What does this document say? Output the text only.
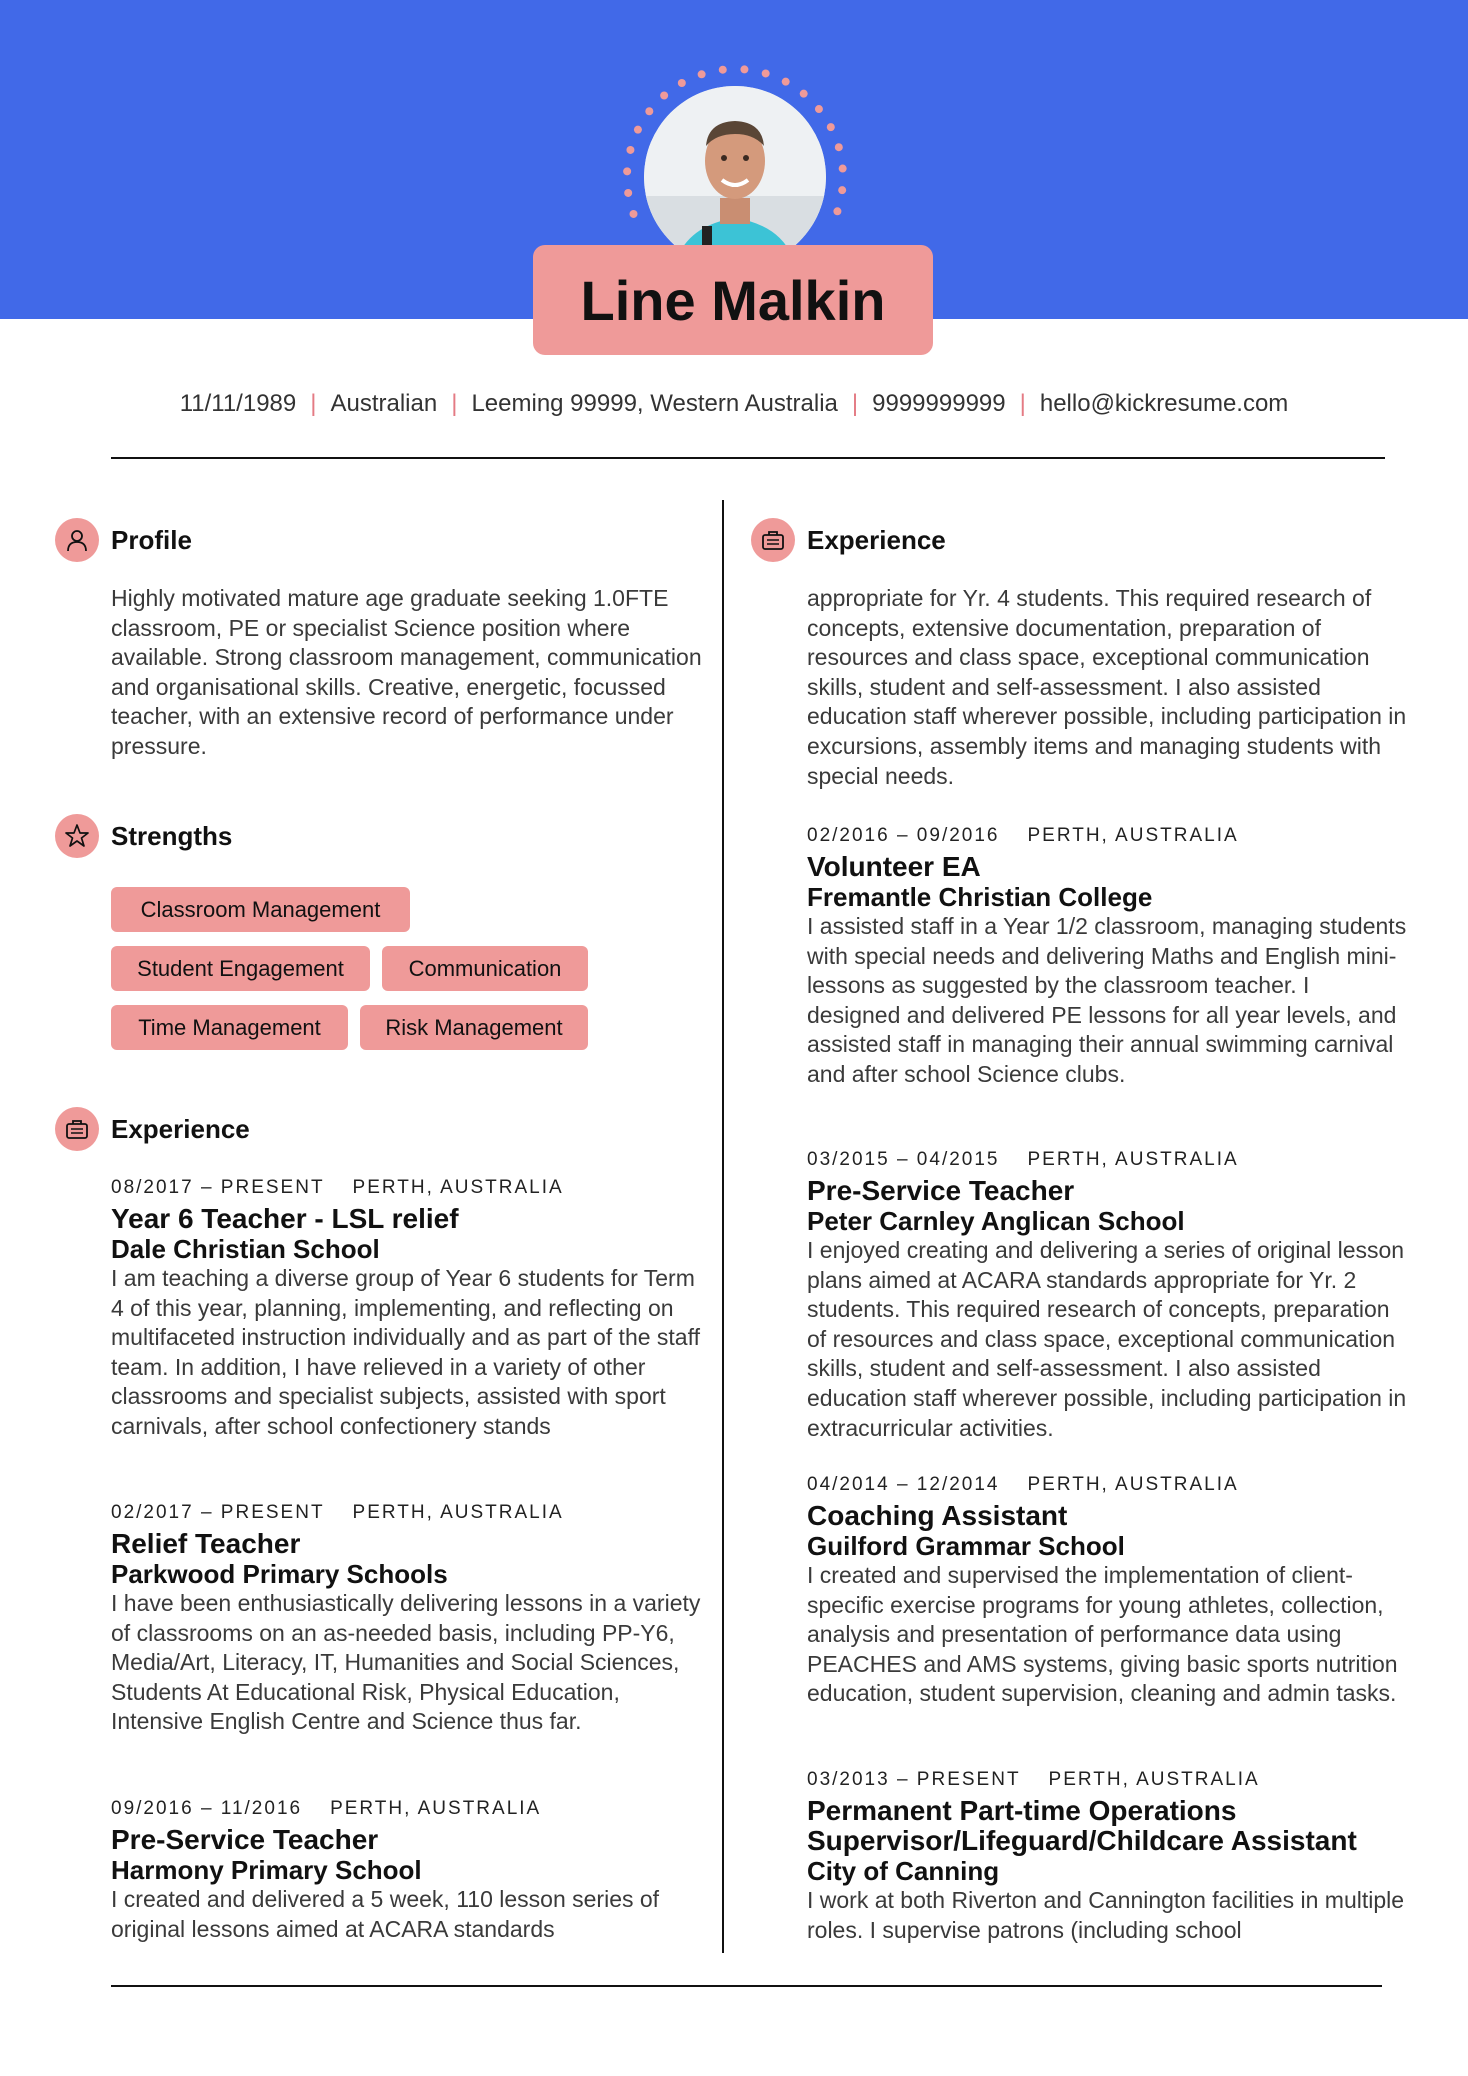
Line Malkin
11/11/1989 | Australian | Leeming 99999, Western Australia | 9999999999 | hello@kickresume.com
Profile
Highly motivated mature age graduate seeking 1.0FTE classroom, PE or specialist Science position where available. Strong classroom management, communication and organisational skills. Creative, energetic, focussed teacher, with an extensive record of performance under pressure.
Strengths
Classroom Management
Student Engagement	Communication
Time Management	Risk Management
Experience
08/2017 – PRESENT PERTH, AUSTRALIA
Year 6 Teacher - LSL relief
Dale Christian School
I am teaching a diverse group of Year 6 students for Term 4 of this year, planning, implementing, and reflecting on multifaceted instruction individually and as part of the staff team. In addition, I have relieved in a variety of other classrooms and specialist subjects, assisted with sport carnivals, after school confectionery stands
02/2017 – PRESENT PERTH, AUSTRALIA
Relief Teacher
Parkwood Primary Schools
I have been enthusiastically delivering lessons in a variety of classrooms on an as-needed basis, including PP-Y6, Media/Art, Literacy, IT, Humanities and Social Sciences, Students At Educational Risk, Physical Education, Intensive English Centre and Science thus far.
09/2016 – 11/2016 PERTH, AUSTRALIA
Pre-Service Teacher
Harmony Primary School
I created and delivered a 5 week, 110 lesson series of original lessons aimed at ACARA standards
Experience
appropriate for Yr. 4 students. This required research of concepts, extensive documentation, preparation of resources and class space, exceptional communication skills, student and self-assessment. I also assisted education staff wherever possible, including participation in excursions, assembly items and managing students with special needs.
02/2016 – 09/2016 PERTH, AUSTRALIA
Volunteer EA
Fremantle Christian College
I assisted staff in a Year 1/2 classroom, managing students with special needs and delivering Maths and English mini-lessons as suggested by the classroom teacher. I designed and delivered PE lessons for all year levels, and assisted staff in managing their annual swimming carnival and after school Science clubs.
03/2015 – 04/2015 PERTH, AUSTRALIA
Pre-Service Teacher
Peter Carnley Anglican School
I enjoyed creating and delivering a series of original lesson plans aimed at ACARA standards appropriate for Yr. 2 students. This required research of concepts, preparation of resources and class space, exceptional communication skills, student and self-assessment. I also assisted education staff wherever possible, including participation in extracurricular activities.
04/2014 – 12/2014 PERTH, AUSTRALIA
Coaching Assistant
Guilford Grammar School
I created and supervised the implementation of client-specific exercise programs for young athletes, collection, analysis and presentation of performance data using PEACHES and AMS systems, giving basic sports nutrition education, student supervision, cleaning and admin tasks.
03/2013 – PRESENT PERTH, AUSTRALIA
Permanent Part-time Operations Supervisor/Lifeguard/Childcare Assistant
City of Canning
I work at both Riverton and Cannington facilities in multiple roles. I supervise patrons (including school
